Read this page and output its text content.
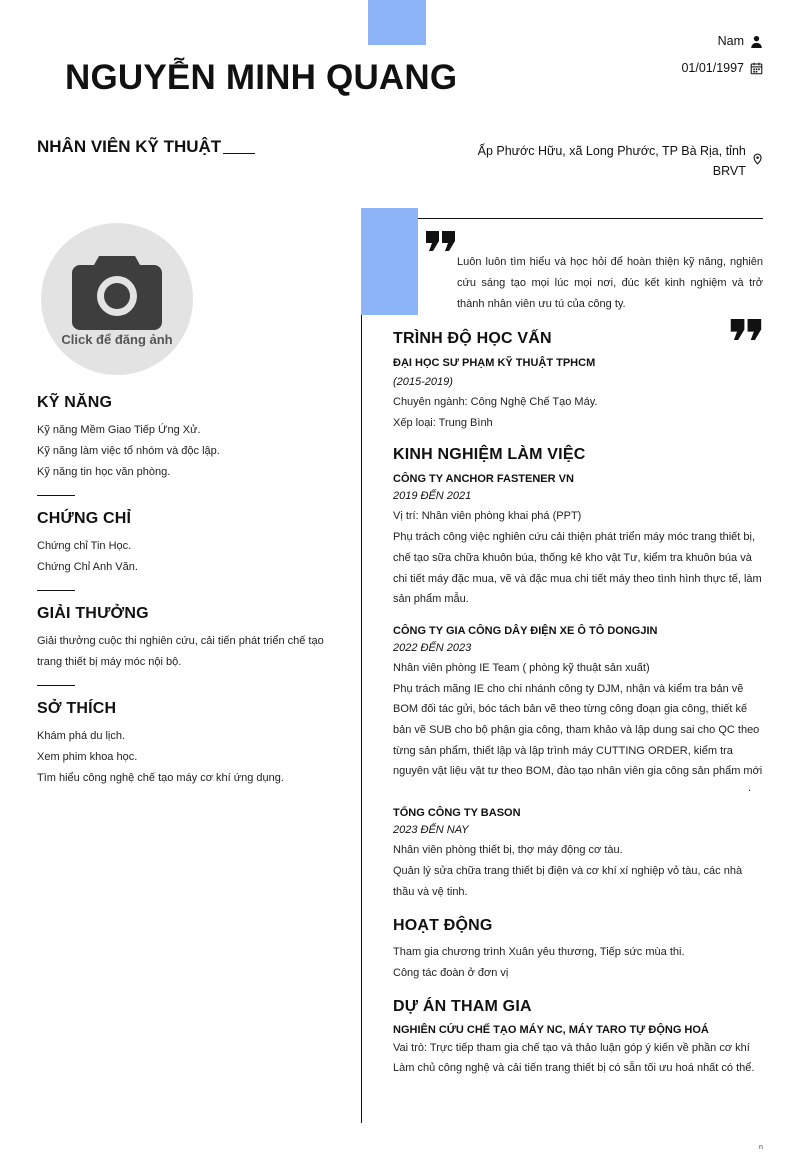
NGUYỄN MINH QUANG
NHÂN VIÊN KỸ THUẬT
Nam
01/01/1997
Ấp Phước Hữu, xã Long Phước, TP Bà Rịa, tỉnh BRVT
Click để đăng ảnh
KỸ NĂNG
Kỹ năng Mềm Giao Tiếp Ứng Xử.
Kỹ năng làm việc tổ nhóm và độc lập.
Kỹ năng tin học văn phòng.
CHỨNG CHỈ
Chứng chỉ Tin Học.
Chứng Chỉ Anh Văn.
GIẢI THƯỞNG
Giải thưởng cuộc thi nghiên cứu, cải tiến phát triển chế tạo trang thiết bị máy móc nội bộ.
SỞ THÍCH
Khám phá du lịch.
Xem phim khoa học.
Tìm hiểu công nghệ chế tạo máy cơ khí ứng dụng.
Luôn luôn tìm hiểu và học hỏi để hoàn thiện kỹ năng, nghiên cứu sáng tạo mọi lúc mọi nơi, đúc kết kinh nghiệm và trở thành nhân viên ưu tú của công ty.
TRÌNH ĐỘ HỌC VẤN
ĐẠI HỌC SƯ PHẠM KỸ THUẬT TPHCM
(2015-2019)
Chuyên ngành: Công Nghệ Chế Tạo Máy.
Xếp loại: Trung Bình
KINH NGHIỆM LÀM VIỆC
CÔNG TY ANCHOR FASTENER VN
2019 ĐẾN 2021
Vị trí: Nhân viên phòng khai phá (PPT)
Phụ trách công việc nghiên cứu cải thiện phát triển máy móc trang thiết bị, chế tạo sữa chữa khuôn búa, thống kê kho vật Tư, kiểm tra khuôn búa và chi tiết máy đặc mua, vẽ và đặc mua chi tiết máy theo tình hình thực tế, làm sản phẩm mẫu.
CÔNG TY GIA CÔNG DÂY ĐIỆN XE Ô TÔ DONGJIN
2022 ĐẾN 2023
Nhân viên phòng IE Team ( phòng kỹ thuật sản xuất)
Phụ trách mãng IE cho chi nhánh công ty DJM, nhận và kiểm tra bản vẽ BOM đối tác gửi, bóc tách bản vẽ theo từng công đoạn gia công, thiết kế bản vẽ SUB cho bộ phận gia công, tham khảo và lập dung sai cho QC theo từng sản phẩm, thiết lập và lập trình máy CUTTING ORDER, kiểm tra nguyên vật liệu vật tư theo BOM, đào tạo nhân viên gia công sản phẩm mới
.
TỔNG CÔNG TY BASON
2023 ĐẾN NAY
Nhân viên phòng thiết bị, thợ máy động cơ tàu.
Quản lý sửa chữa trang thiết bị điện và cơ khí xí nghiệp vỏ tàu, các nhà thầu và vệ tinh.
HOẠT ĐỘNG
Tham gia chương trình Xuân yêu thương, Tiếp sức mùa thi.
Công tác đoàn ở đơn vị
DỰ ÁN THAM GIA
NGHIÊN CỨU CHẾ TẠO MÁY NC, MÁY TARO TỰ ĐỘNG HOÁ
Vai trò: Trực tiếp tham gia chế tạo và thảo luận góp ý kiến về phần cơ khí
Làm chủ công nghệ và cải tiến trang thiết bị có sẵn tối ưu hoá nhất có thể.
n
